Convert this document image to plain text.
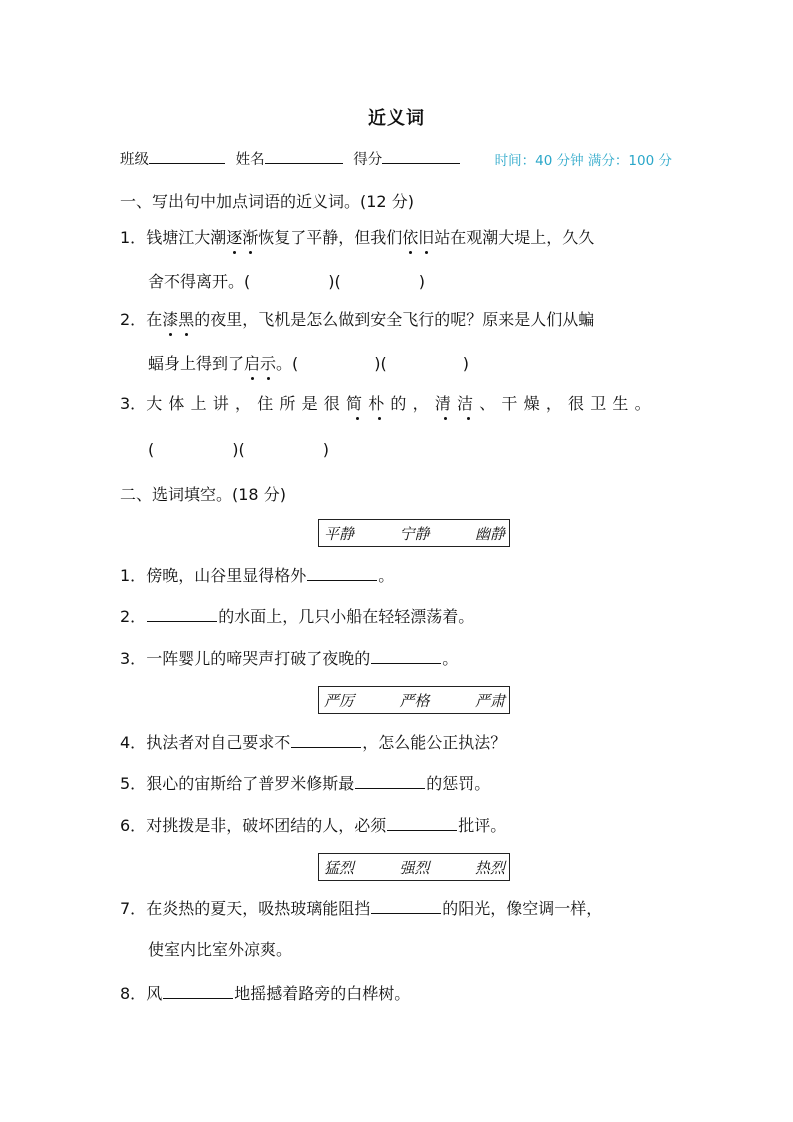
近义词
班级	姓名	得分	时间：40 分钟 满分：100 分
一、写出句中加点词语的近义词。(12 分)
1．钱塘江大潮逐渐恢复了平静，但我们依旧站在观潮大堤上，久久
舍不得离开。(	)(	)
2．在漆黑的夜里，飞机是怎么做到安全飞行的呢？原来是人们从蝙
蝠身上得到了启示。(	)(	)
3．大体上讲，住所是很简朴的，清洁、干燥，很卫生。
(	)(	)
二、选词填空。(18 分)
平静	宁静	幽静
1．傍晚，山谷里显得格外	。
2．	的水面上，几只小船在轻轻漂荡着。
3．一阵婴儿的啼哭声打破了夜晚的	。
严厉	严格	严肃
4．执法者对自己要求不	，怎么能公正执法？
5．狠心的宙斯给了普罗米修斯最	的惩罚。
6．对挑拨是非，破坏团结的人，必须	批评。
猛烈	强烈	热烈
7．在炎热的夏天，吸热玻璃能阻挡	的阳光，像空调一样，
使室内比室外凉爽。
8．风	地摇撼着路旁的白桦树。
